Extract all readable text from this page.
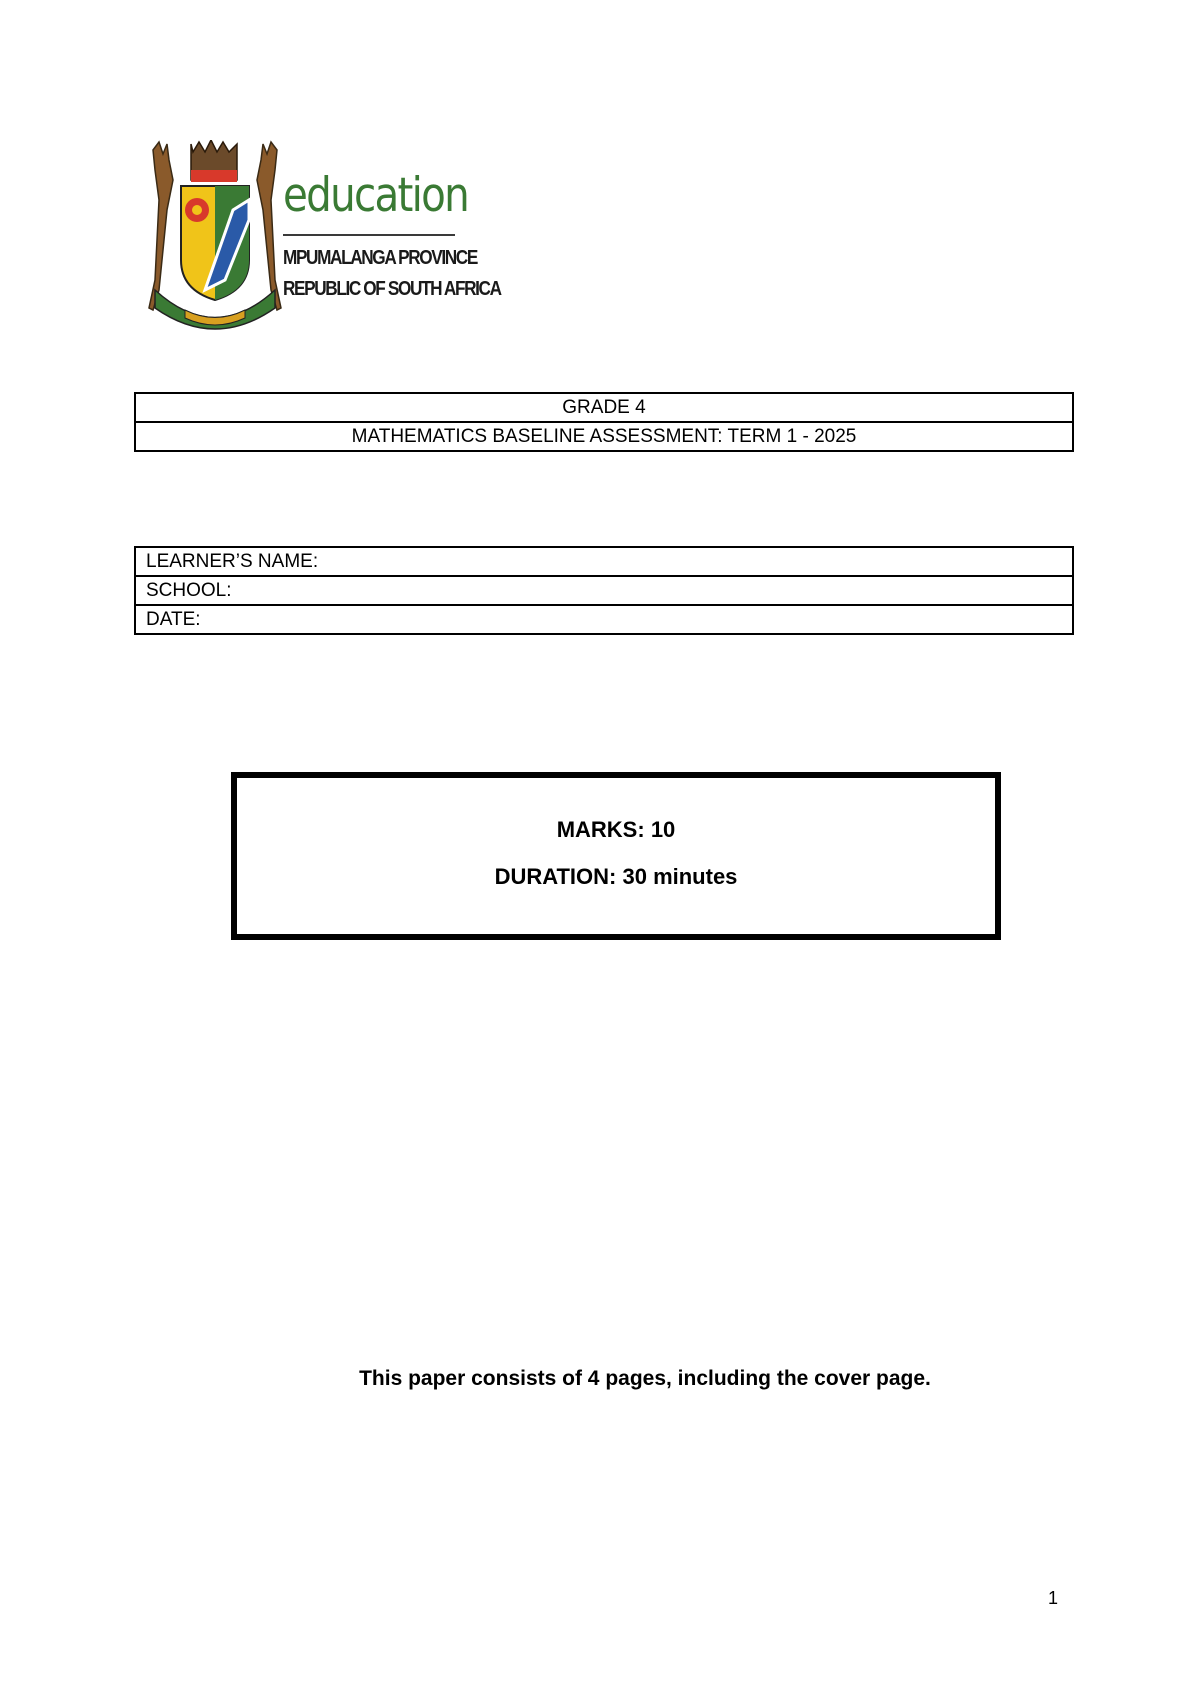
education
MPUMALANGA PROVINCE
REPUBLIC OF SOUTH AFRICA
GRADE 4
MATHEMATICS BASELINE ASSESSMENT: TERM 1 - 2025
LEARNER’S NAME:
SCHOOL:
DATE:
MARKS: 10
DURATION: 30 minutes
This paper consists of 4 pages, including the cover page.
1
